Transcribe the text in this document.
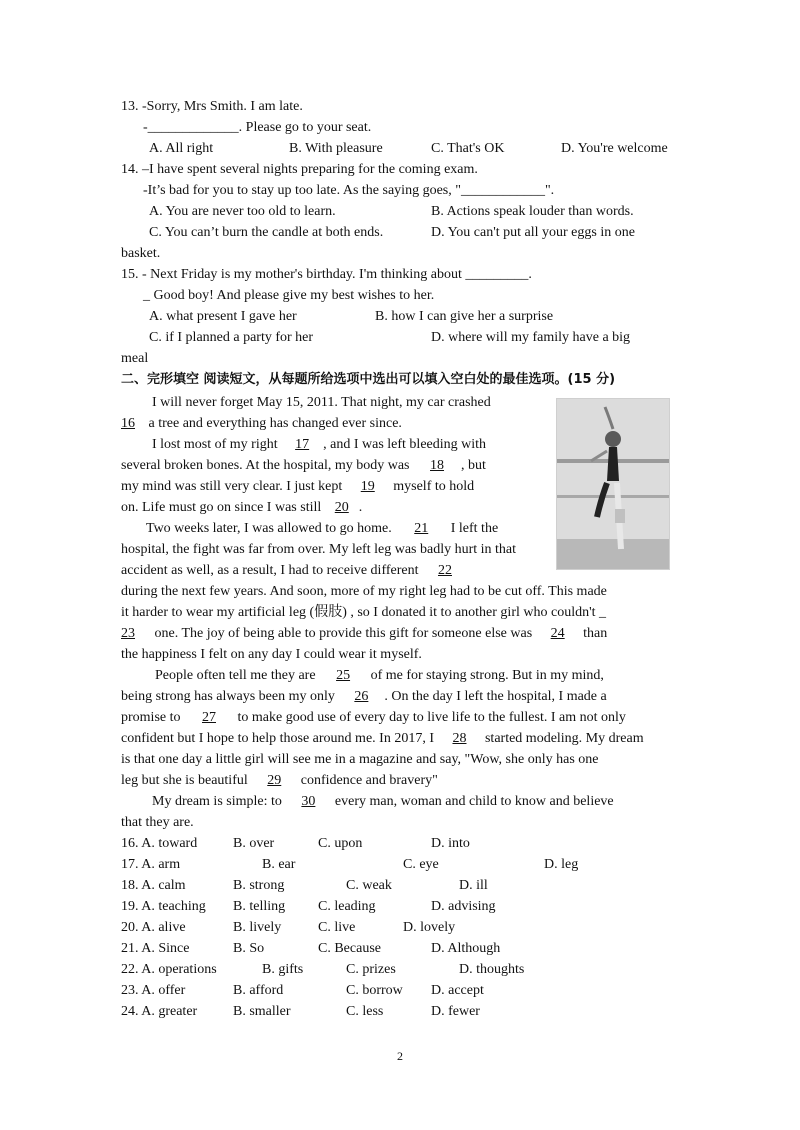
13. -Sorry, Mrs Smith. I am late.
-_____________. Please go to your seat.
A. All right	B. With pleasure	C. That's OK	D. You're welcome
14. –I have spent several nights preparing for the coming exam.
-It’s bad for you to stay up too late. As the saying goes, "____________".
A. You are never too old to learn.	B. Actions speak louder than words.
C. You can’t burn the candle at both ends.	D. You can't put all your eggs in one
basket.
15. - Next Friday is my mother's birthday. I'm thinking about _________.
_ Good boy! And please give my best wishes to her.
A. what present I gave her	B. how I can give her a surprise
C. if I planned a party for her	D. where will my family have a big
meal
二、完形填空 阅读短文，从每题所给选项中选出可以填入空白处的最佳选项。(15 分)
I will never forget May 15, 2011. That night, my car crashed
16 a tree and everything has changed ever since.
I lost most of my right 17 , and I was left bleeding with
several broken bones. At the hospital, my body was 18 , but
my mind was still very clear. I just kept 19 myself to hold
on. Life must go on since I was still 20 .
Two weeks later, I was allowed to go home. 21 I left the
hospital, the fight was far from over. My left leg was badly hurt in that
accident as well, as a result, I had to receive different 22
during the next few years. And soon, more of my right leg had to be cut off. This made
it harder to wear my artificial leg (假肢) , so I donated it to another girl who couldn't _
23 one. The joy of being able to provide this gift for someone else was 24 than
the happiness I felt on any day I could wear it myself.
People often tell me they are 25 of me for staying strong. But in my mind,
being strong has always been my only 26 . On the day I left the hospital, I made a
promise to 27 to make good use of every day to live life to the fullest. I am not only
confident but I hope to help those around me. In 2017, I 28 started modeling. My dream
is that one day a little girl will see me in a magazine and say, "Wow, she only has one
leg but she is beautiful 29 confidence and bravery"
My dream is simple: to 30 every man, woman and child to know and believe
that they are.
16. A. toward	B. over	C. upon	D. into
17. A. arm	B. ear	C. eye	D. leg
18. A. calm	B. strong	C. weak	D. ill
19. A. teaching B. telling C. leading	D. advising
20. A. alive	B. lively	C. live	D. lovely
21. A. Since	B. So	C. Because	D. Although
22. A. operations	B. gifts	C. prizes	D. thoughts
23. A. offer	B. afford	C. borrow D. accept
24. A. greater	B. smaller	C. less	D. fewer
2
